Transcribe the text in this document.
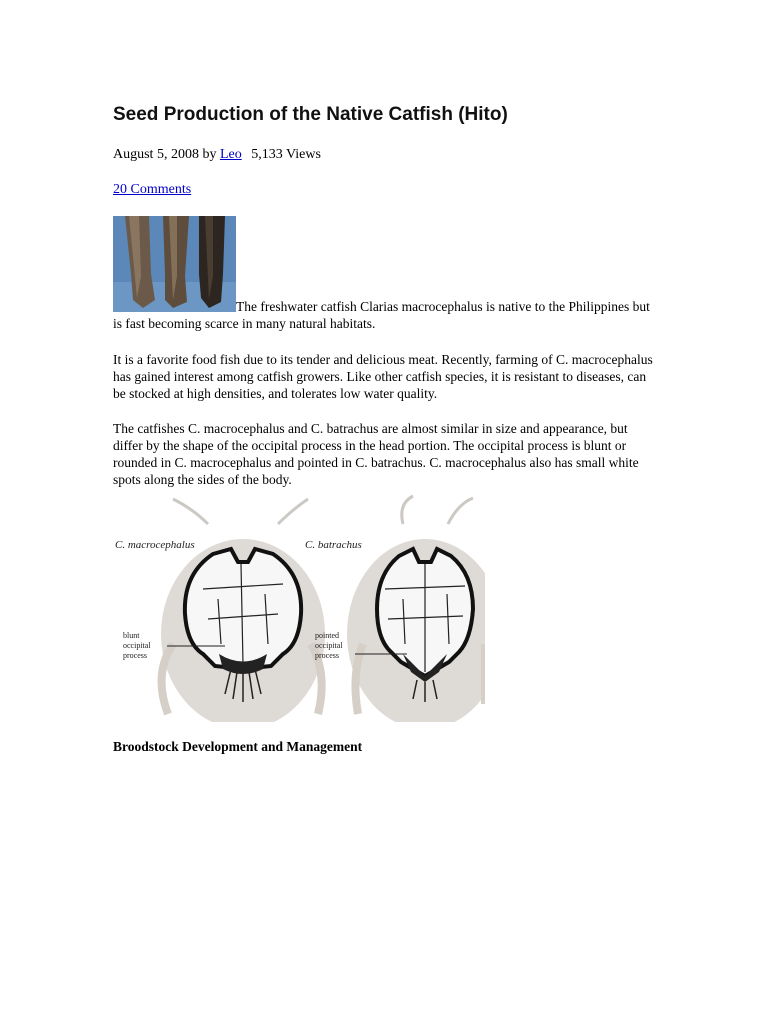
Seed Production of the Native Catfish (Hito)
August 5, 2008 by Leo 5,133 Views
20 Comments

The freshwater catfish Clarias macrocephalus is native to the Philippines but is fast becoming scarce in many natural habitats.

It is a favorite food fish due to its tender and delicious meat. Recently, farming of C. macrocephalus has gained interest among catfish growers. Like other catfish species, it is resistant to diseases, can be stocked at high densities, and tolerates low water quality.

The catfishes C. macrocephalus and C. batrachus are almost similar in size and appearance, but differ by the shape of the occipital process in the head portion. The occipital process is blunt or rounded in C. macrocephalus and pointed in C. batrachus. C. macrocephalus also has small white spots along the sides of the body.

C. macrocephalus	C. batrachus
blunt occipital process
pointed occipital process

Broodstock Development and Management
